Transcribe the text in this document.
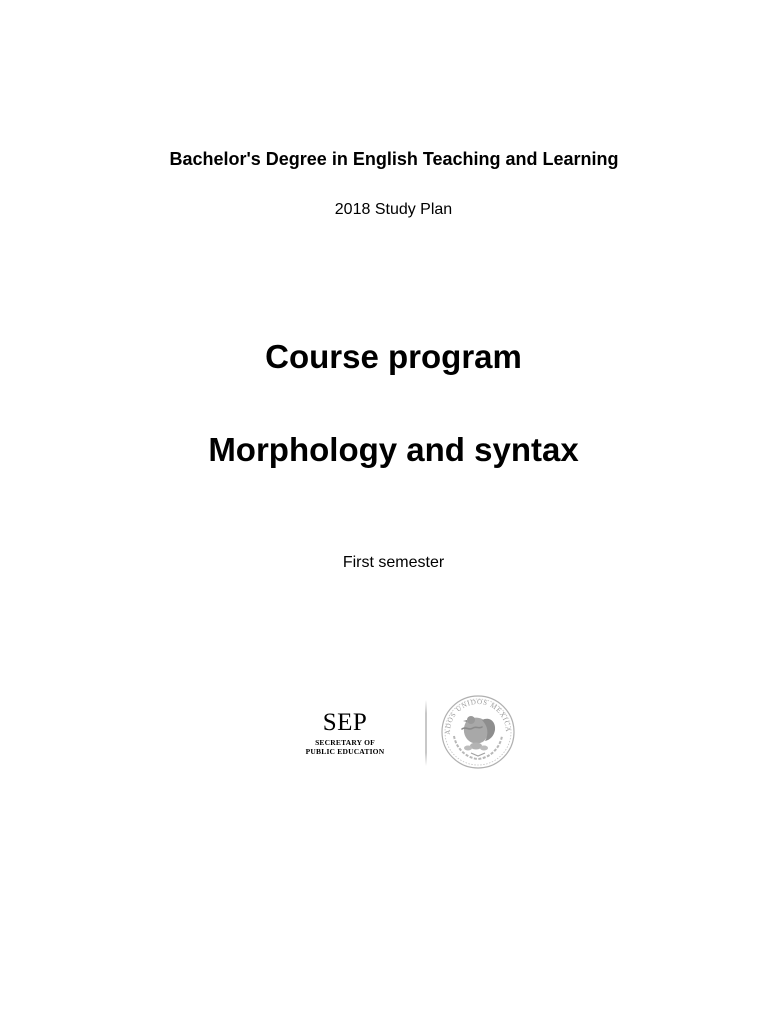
Bachelor's Degree in English Teaching and Learning
2018 Study Plan
Course program
Morphology and syntax
First semester
SEP
SECRETARY OF
PUBLIC EDUCATION
ADOS UNIDOS MEXICA
